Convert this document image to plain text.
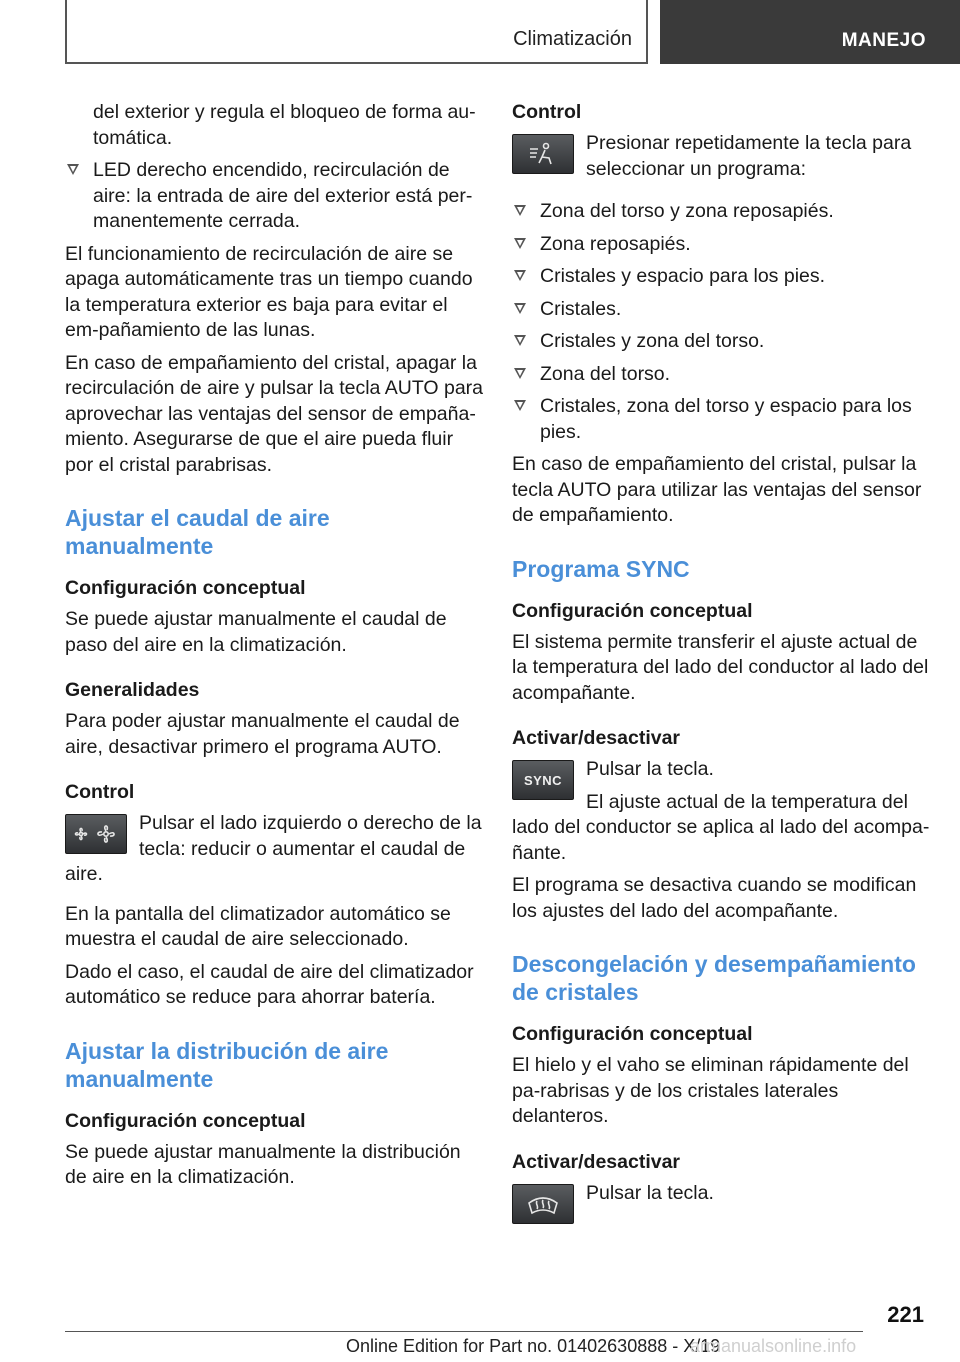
Climatización	MANEJO

del exterior y regula el bloqueo de forma au-tomática.

LED derecho encendido, recirculación de aire: la entrada de aire del exterior está per-manentemente cerrada.

El funcionamiento de recirculación de aire se apaga automáticamente tras un tiempo cuando la temperatura exterior es baja para evitar el em-pañamiento de las lunas.

En caso de empañamiento del cristal, apagar la recirculación de aire y pulsar la tecla AUTO para aprovechar las ventajas del sensor de empaña-miento. Asegurarse de que el aire pueda fluir por el cristal parabrisas.

Ajustar el caudal de aire manualmente
Configuración conceptual

Se puede ajustar manualmente el caudal de paso del aire en la climatización.

Generalidades

Para poder ajustar manualmente el caudal de aire, desactivar primero el programa AUTO.

Control
Pulsar el lado izquierdo o derecho de la tecla: reducir o aumentar el caudal de aire.

En la pantalla del climatizador automático se muestra el caudal de aire seleccionado.

Dado el caso, el caudal de aire del climatizador automático se reduce para ahorrar batería.

Ajustar la distribución de aire manualmente
Configuración conceptual

Se puede ajustar manualmente la distribución de aire en la climatización.

Control
Presionar repetidamente la tecla para seleccionar un programa:
Zona del torso y zona reposapiés.
Zona reposapiés.
Cristales y espacio para los pies.
Cristales.
Cristales y zona del torso.
Zona del torso.
Cristales, zona del torso y espacio para los pies.

En caso de empañamiento del cristal, pulsar la tecla AUTO para utilizar las ventajas del sensor de empañamiento.

Programa SYNC
Configuración conceptual

El sistema permite transferir el ajuste actual de la temperatura del lado del conductor al lado del acompañante.

Activar/desactivar
SYNC	Pulsar la tecla.
El ajuste actual de la temperatura del lado del conductor se aplica al lado del acompa-ñante.

El programa se desactiva cuando se modifican los ajustes del lado del acompañante.

Descongelación y desempañamiento de cristales
Configuración conceptual

El hielo y el vaho se eliminan rápidamente del pa-rabrisas y de los cristales laterales delanteros.

Activar/desactivar
Pulsar la tecla.
221
Online Edition for Part no. 01402630888 - X/19
armanualsonline.info
